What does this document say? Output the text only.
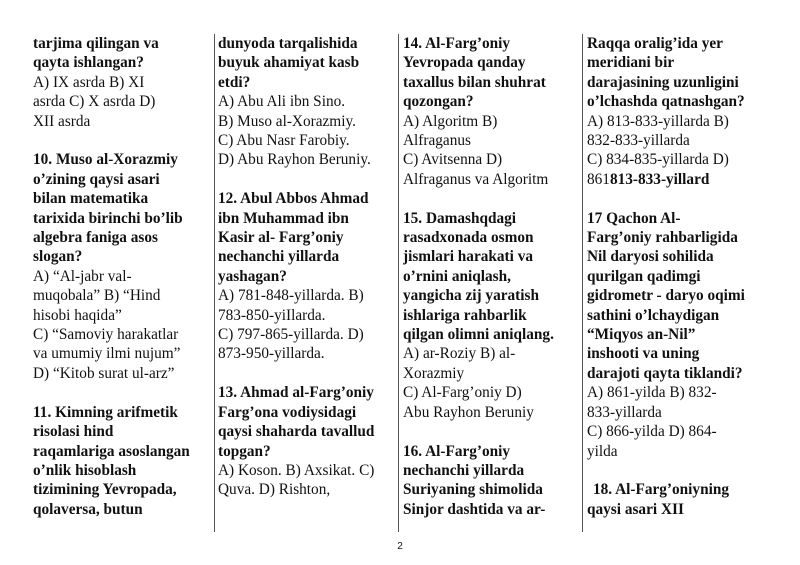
tarjima qilingan va
qayta ishlangan?
A) IX asrda B) XI
asrda C) X asrda D)
XII asrda
10. Muso al-Xorazmiy
o’zining qaysi asari
bilan matematika
tarixida birinchi bo’lib
algebra faniga asos
slogan?
A) “Al-jabr val-
muqobala” B) “Hind
hisobi haqida”
C) “Samoviy harakatlar
va umumiy ilmi nujum”
D) “Kitob surat ul-arz”
11. Kimning arifmetik
risolasi hind
raqamlariga asoslangan
o’nlik hisoblash
tizimining Yevropada,
qolaversa, butun
dunyoda tarqalishida
buyuk ahamiyat kasb
etdi?
A) Abu Ali ibn Sino.
B) Muso al-Xorazmiy.
C) Abu Nasr Farobiy.
D) Abu Rayhon Beruniy.
12. Abul Abbos Ahmad
ibn Muhammad ibn
Kasir al- Farg’oniy
nechanchi yillarda
yashagan?
A) 781-848-yillarda. B)
783-850-yiIlarda.
C) 797-865-yillarda. D)
873-950-yillarda.
13. Ahmad al-Farg’oniy
Farg’ona vodiysidagi
qaysi shaharda tavallud
topgan?
A) Koson. B) Axsikat. C)
Quva. D) Rishton,
14. Al-Farg’oniy
Yevropada qanday
taxallus bilan shuhrat
qozongan?
A) Algoritm B)
Alfraganus
C) Avitsenna D)
Alfraganus va Algoritm
15. Damashqdagi
rasadxonada osmon
jismlari harakati va
o’rnini aniqlash,
yangicha zij yaratish
ishlariga rahbarlik
qilgan olimni aniqlang.
A) ar-Roziy B) al-
Xorazmiy
C) Al-Farg’oniy D)
Abu Rayhon Beruniy
16. Al-Farg’oniy
nechanchi yillarda
Suriyaning shimolida
Sinjor dashtida va ar-
Raqqa oralig’ida yer
meridiani bir
darajasining uzunligini
o’lchashda qatnashgan?
A) 813-833-yillarda B)
832-833-yillarda
C) 834-835-yillarda D)
861813-833-yillard
17 Qachon Al-
Farg’oniy rahbarligida
Nil daryosi sohilida
qurilgan qadimgi
gidrometr - daryo oqimi
sathini o’lchaydigan
“Miqyos an-Nil”
inshooti va uning
darajoti qayta tiklandi?
A) 861-yilda B) 832-
833-yillarda
C) 866-yilda D) 864-
yilda
18. Al-Farg’oniyning
qaysi asari XII
2
